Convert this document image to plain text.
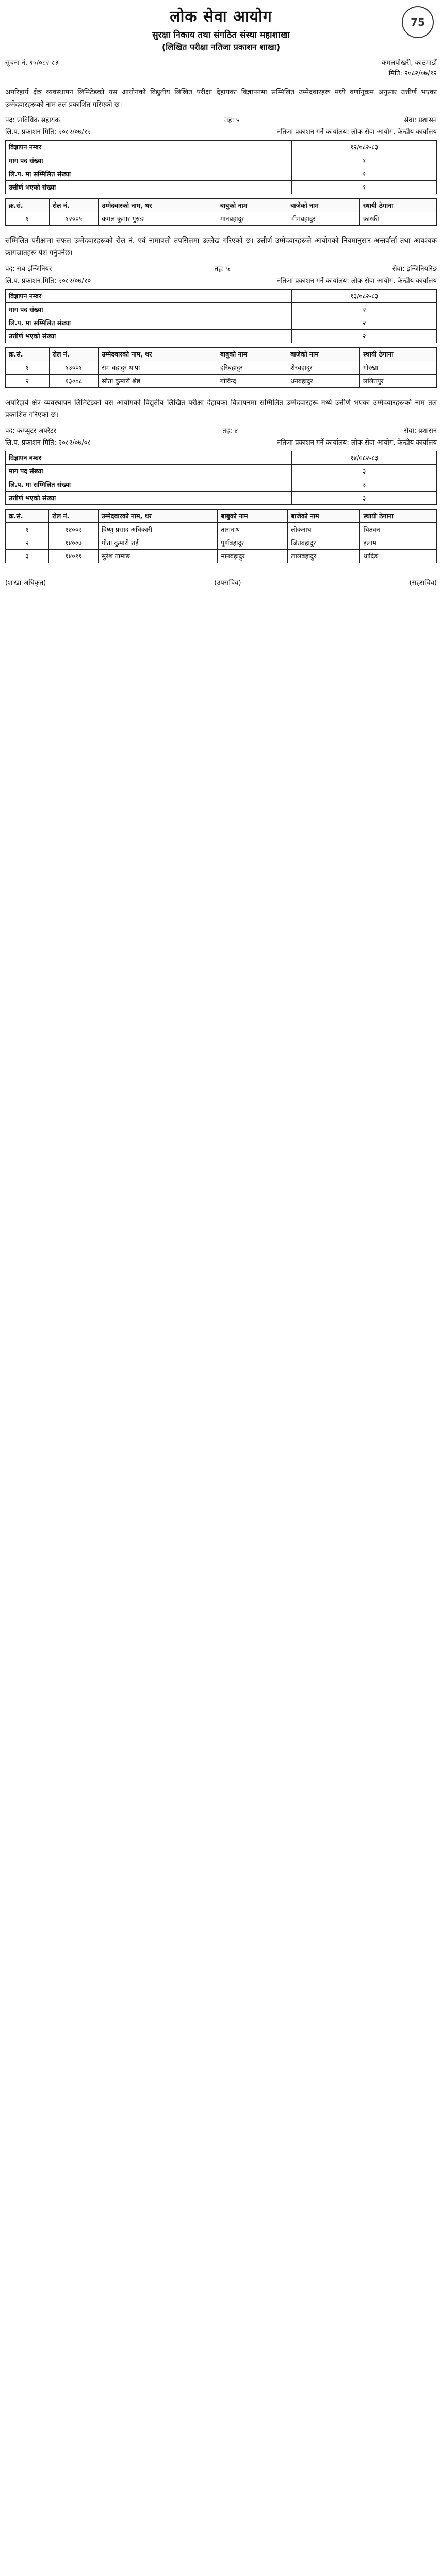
75
लोक सेवा आयोग
सुरक्षा निकाय तथा संगठित संस्था महाशाखा
(लिखित परीक्षा नतिजा प्रकाशन शाखा)
सूचना नं. ९५/०८२-८३	कमलपोखरी, काठमाडौं
मिति: २०८२/०७/१२
अपरिहार्य क्षेत्र व्यवस्थापन लिमिटेडको यस आयोगको विद्युतीय लिखित परीक्षा देहायका विज्ञापनमा सम्मिलित उम्मेदवारहरू मध्ये वर्णानुक्रम अनुसार उत्तीर्ण भएका उम्मेदवारहरूको नाम तल प्रकाशित गरिएको छ।
पद: प्राविधिक सहायक	तह: ५	सेवा: प्रशासन
लि.प. प्रकाशन मिति: २०८२/०७/१२	नतिजा प्रकाशन गर्ने कार्यालय: लोक सेवा आयोग, केन्द्रीय कार्यालय
विज्ञापन नम्बर	१२/०८२-८३
माग पद संख्या	१
लि.प. मा सम्मिलित संख्या	१
उत्तीर्ण भएको संख्या	१
क्र.सं.	रोल नं.	उम्मेदवारको नाम, थर	बाबुको नाम	बाजेको नाम	स्थायी ठेगाना
१	१२००५	कमल कुमार गुरुङ	मानबहादुर	भीमबहादुर	कास्की
सम्मिलित परीक्षामा सफल उम्मेदवारहरूको रोल नं. एवं नामावली तपसिलमा उल्लेख गरिएको छ। उत्तीर्ण उम्मेदवारहरूले आयोगको नियमानुसार अन्तर्वार्ता तथा आवश्यक कागजातहरू पेश गर्नुपर्नेछ।
पद: सब-इन्जिनियर	तह: ५	सेवा: इन्जिनियरिङ
लि.प. प्रकाशन मिति: २०८२/०७/१०	नतिजा प्रकाशन गर्ने कार्यालय: लोक सेवा आयोग, केन्द्रीय कार्यालय
विज्ञापन नम्बर	१३/०८२-८३
माग पद संख्या	२
लि.प. मा सम्मिलित संख्या	२
उत्तीर्ण भएको संख्या	२
क्र.सं.	रोल नं.	उम्मेदवारको नाम, थर	बाबुको नाम	बाजेको नाम	स्थायी ठेगाना
१	१३००१	राम बहादुर थापा	हरिबहादुर	शेरबहादुर	गोरखा
२	१३००८	सीता कुमारी श्रेष्ठ	गोविन्द	धनबहादुर	ललितपुर
अपरिहार्य क्षेत्र व्यवस्थापन लिमिटेडको यस आयोगको विद्युतीय लिखित परीक्षा देहायका विज्ञापनमा सम्मिलित उम्मेदवारहरू मध्ये उत्तीर्ण भएका उम्मेदवारहरूको नाम तल प्रकाशित गरिएको छ।
पद: कम्प्युटर अपरेटर	तह: ४	सेवा: प्रशासन
लि.प. प्रकाशन मिति: २०८२/०७/०८	नतिजा प्रकाशन गर्ने कार्यालय: लोक सेवा आयोग, केन्द्रीय कार्यालय
विज्ञापन नम्बर	१४/०८२-८३
माग पद संख्या	३
लि.प. मा सम्मिलित संख्या	३
उत्तीर्ण भएको संख्या	३
क्र.सं.	रोल नं.	उम्मेदवारको नाम, थर	बाबुको नाम	बाजेको नाम	स्थायी ठेगाना
१	१४००२	विष्णु प्रसाद अधिकारी	तारानाथ	लोकनाथ	चितवन
२	१४००७	गीता कुमारी राई	पूर्णबहादुर	जितबहादुर	इलाम
३	१४०११	सुरेश तामाङ	मानबहादुर	लालबहादुर	धादिङ
(शाखा अधिकृत)	(उपसचिव)	(सहसचिव)
